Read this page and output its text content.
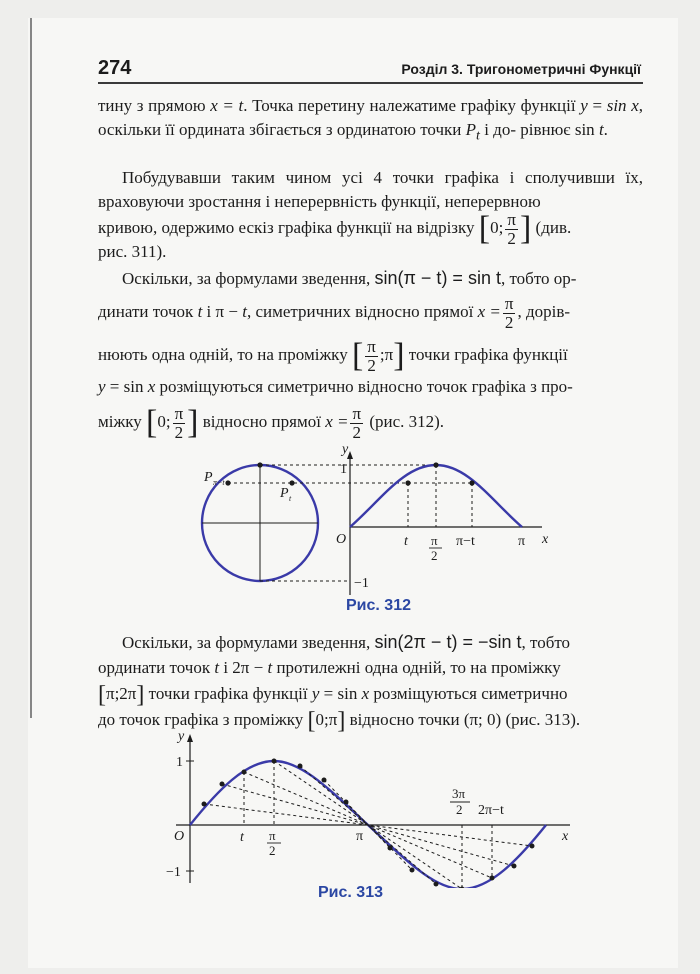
274	Розділ 3. Тригонометричні Функції

тину з прямою x = t. Точка перетину належатиме графіку функції y = sin x, оскільки її ордината збігається з ординатою точки $P_t$ і до- рівнює sin t.

Побудувавши таким чином усі 4 точки графіка і сполучивши їх, враховуючи зростання і неперервність функції, неперервною

кривою, одержимо ескіз графіка функції на відрізку [0; $\frac{\pi}{2}$ ] (див.
рис. 311).
Оскільки, за формулами зведення, sin(π − t) = sin t, тобто ор-
динати точок t і π − t, симетричних відносно прямої $x = \frac{\pi}{2}$ , дорів-
нюють одна одній, то на проміжку [ $\frac{\pi}{2}$ ;π] точки графіка функції
y = sin x розміщуються симетрично відносно точок графіка з про-
міжку [0; $\frac{\pi}{2}$ ] відносно прямої $x = \frac{\pi}{2} (рис$. 312).
y
1
−1
O	x
P π−t
P t
t π
2
π−t	π
Рис. 312
Оскільки, за формулами зведення, sin(2π − t) = −sin t, тобто
ординати точок t і 2π − t протилежні одна одній, то на проміжку
[π;2π] точки графіка функції y = sin x розміщуються симетрично
до точок графіка з проміжку [0;π] відносно точки (π; 0) (рис. 313).
y
1
−1
O	x
t π
2
π
3π
2 2π−t
Рис. 313
